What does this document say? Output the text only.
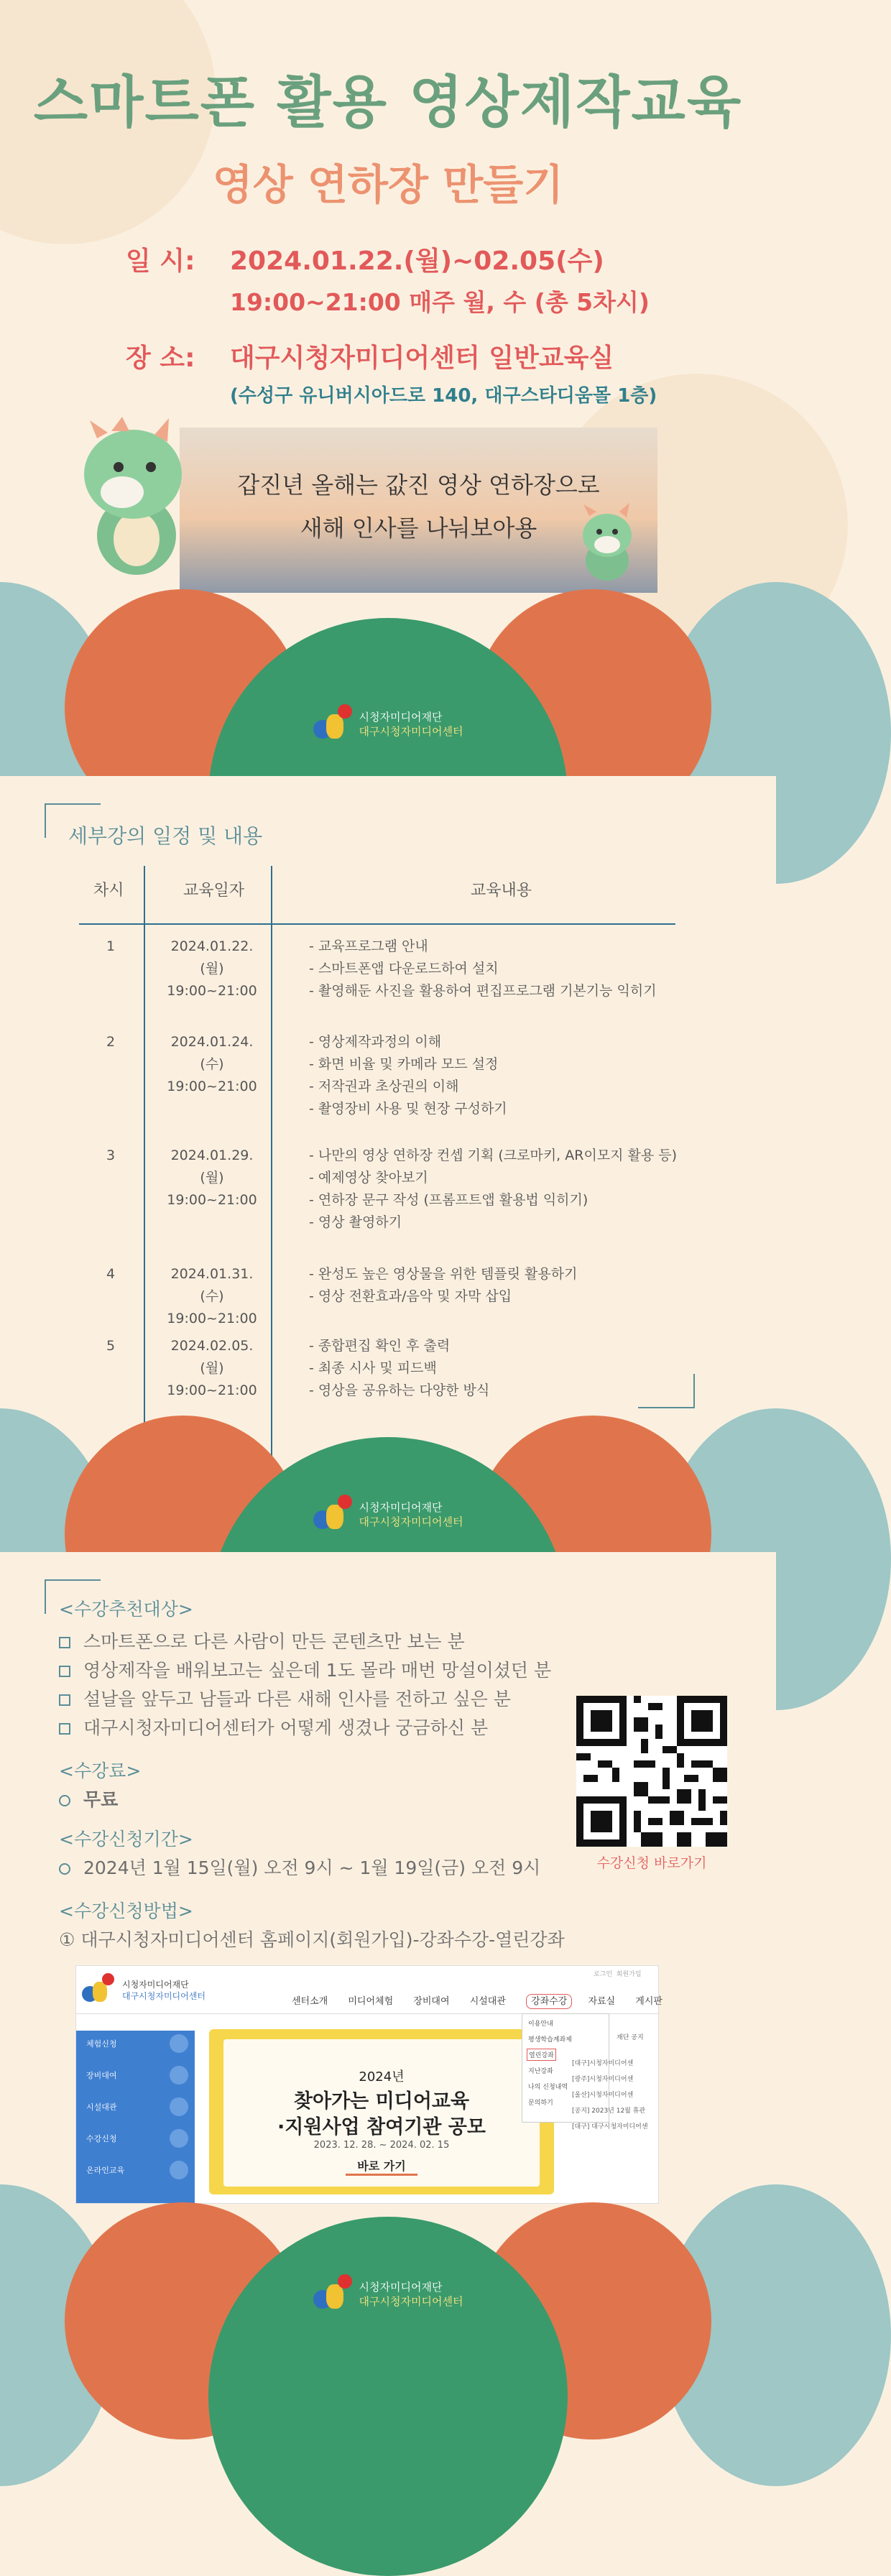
스마트폰 활용 영상제작교육
영상 연하장 만들기
일 시: 2024.01.22.(월)~02.05(수)
19:00~21:00 매주 월, 수 (총 5차시)
장 소: 대구시청자미디어센터 일반교육실
(수성구 유니버시아드로 140, 대구스타디움몰 1층)
갑진년 올해는 값진 영상 연하장으로
새해 인사를 나눠보아용
시청자미디어재단
대구시청자미디어센터
세부강의 일정 및 내용
차시	교육일자	교육내용
1	2024.01.22.(월)
19:00~21:00
- 교육프로그램 안내
- 스마트폰앱 다운로드하여 설치
- 촬영해둔 사진을 활용하여 편집프로그램 기본기능 익히기
2	2024.01.24.(수)
19:00~21:00
- 영상제작과정의 이해
- 화면 비율 및 카메라 모드 설정
- 저작권과 초상권의 이해
- 촬영장비 사용 및 현장 구성하기
3	2024.01.29.(월)
19:00~21:00
- 나만의 영상 연하장 컨셉 기획 (크로마키, AR이모지 활용 등)
- 예제영상 찾아보기
- 연하장 문구 작성 (프롬프트앱 활용법 익히기)
- 영상 촬영하기
4	2024.01.31.(수)
19:00~21:00
- 완성도 높은 영상물을 위한 템플릿 활용하기
- 영상 전환효과/음악 및 자막 삽입
5	2024.02.05.(월)
19:00~21:00
- 종합편집 확인 후 출력
- 최종 시사 및 피드백
- 영상을 공유하는 다양한 방식
시청자미디어재단
대구시청자미디어센터
<수강추천대상>
스마트폰으로 다른 사람이 만든 콘텐츠만 보는 분
영상제작을 배워보고는 싶은데 1도 몰라 매번 망설이셨던 분
설날을 앞두고 남들과 다른 새해 인사를 전하고 싶은 분
대구시청자미디어센터가 어떻게 생겼나 궁금하신 분
<수강료>
무료
<수강신청기간>
2024년 1월 15일(월) 오전 9시 ~ 1월 19일(금) 오전 9시
<수강신청방법>
① 대구시청자미디어센터 홈페이지(회원가입)-강좌수강-열린강좌
수강신청 바로가기
시청자미디어재단
대구시청자미디어센터
로그인 회원가입
센터소개 미디어체험 장비대여 시설대관	강좌수강 자료실 게시판
체험신청
장비대여
시설대관
수강신청
온라인교육
2024년
찾아가는 미디어교육
·지원사업 참여기관 공모
2023. 12. 28. ~ 2024. 02. 15
바로 가기
이용안내
평생학습계좌제
열린강좌
지난강좌
나의 신청내역
문의하기
재단 공지
[대구]시청자미디어센
[광주]시청자미디어센
[울산]시청자미디어센
[공지] 2023년 12월 휴관
[대구] 대구시청자미디어센
시청자미디어재단
대구시청자미디어센터
